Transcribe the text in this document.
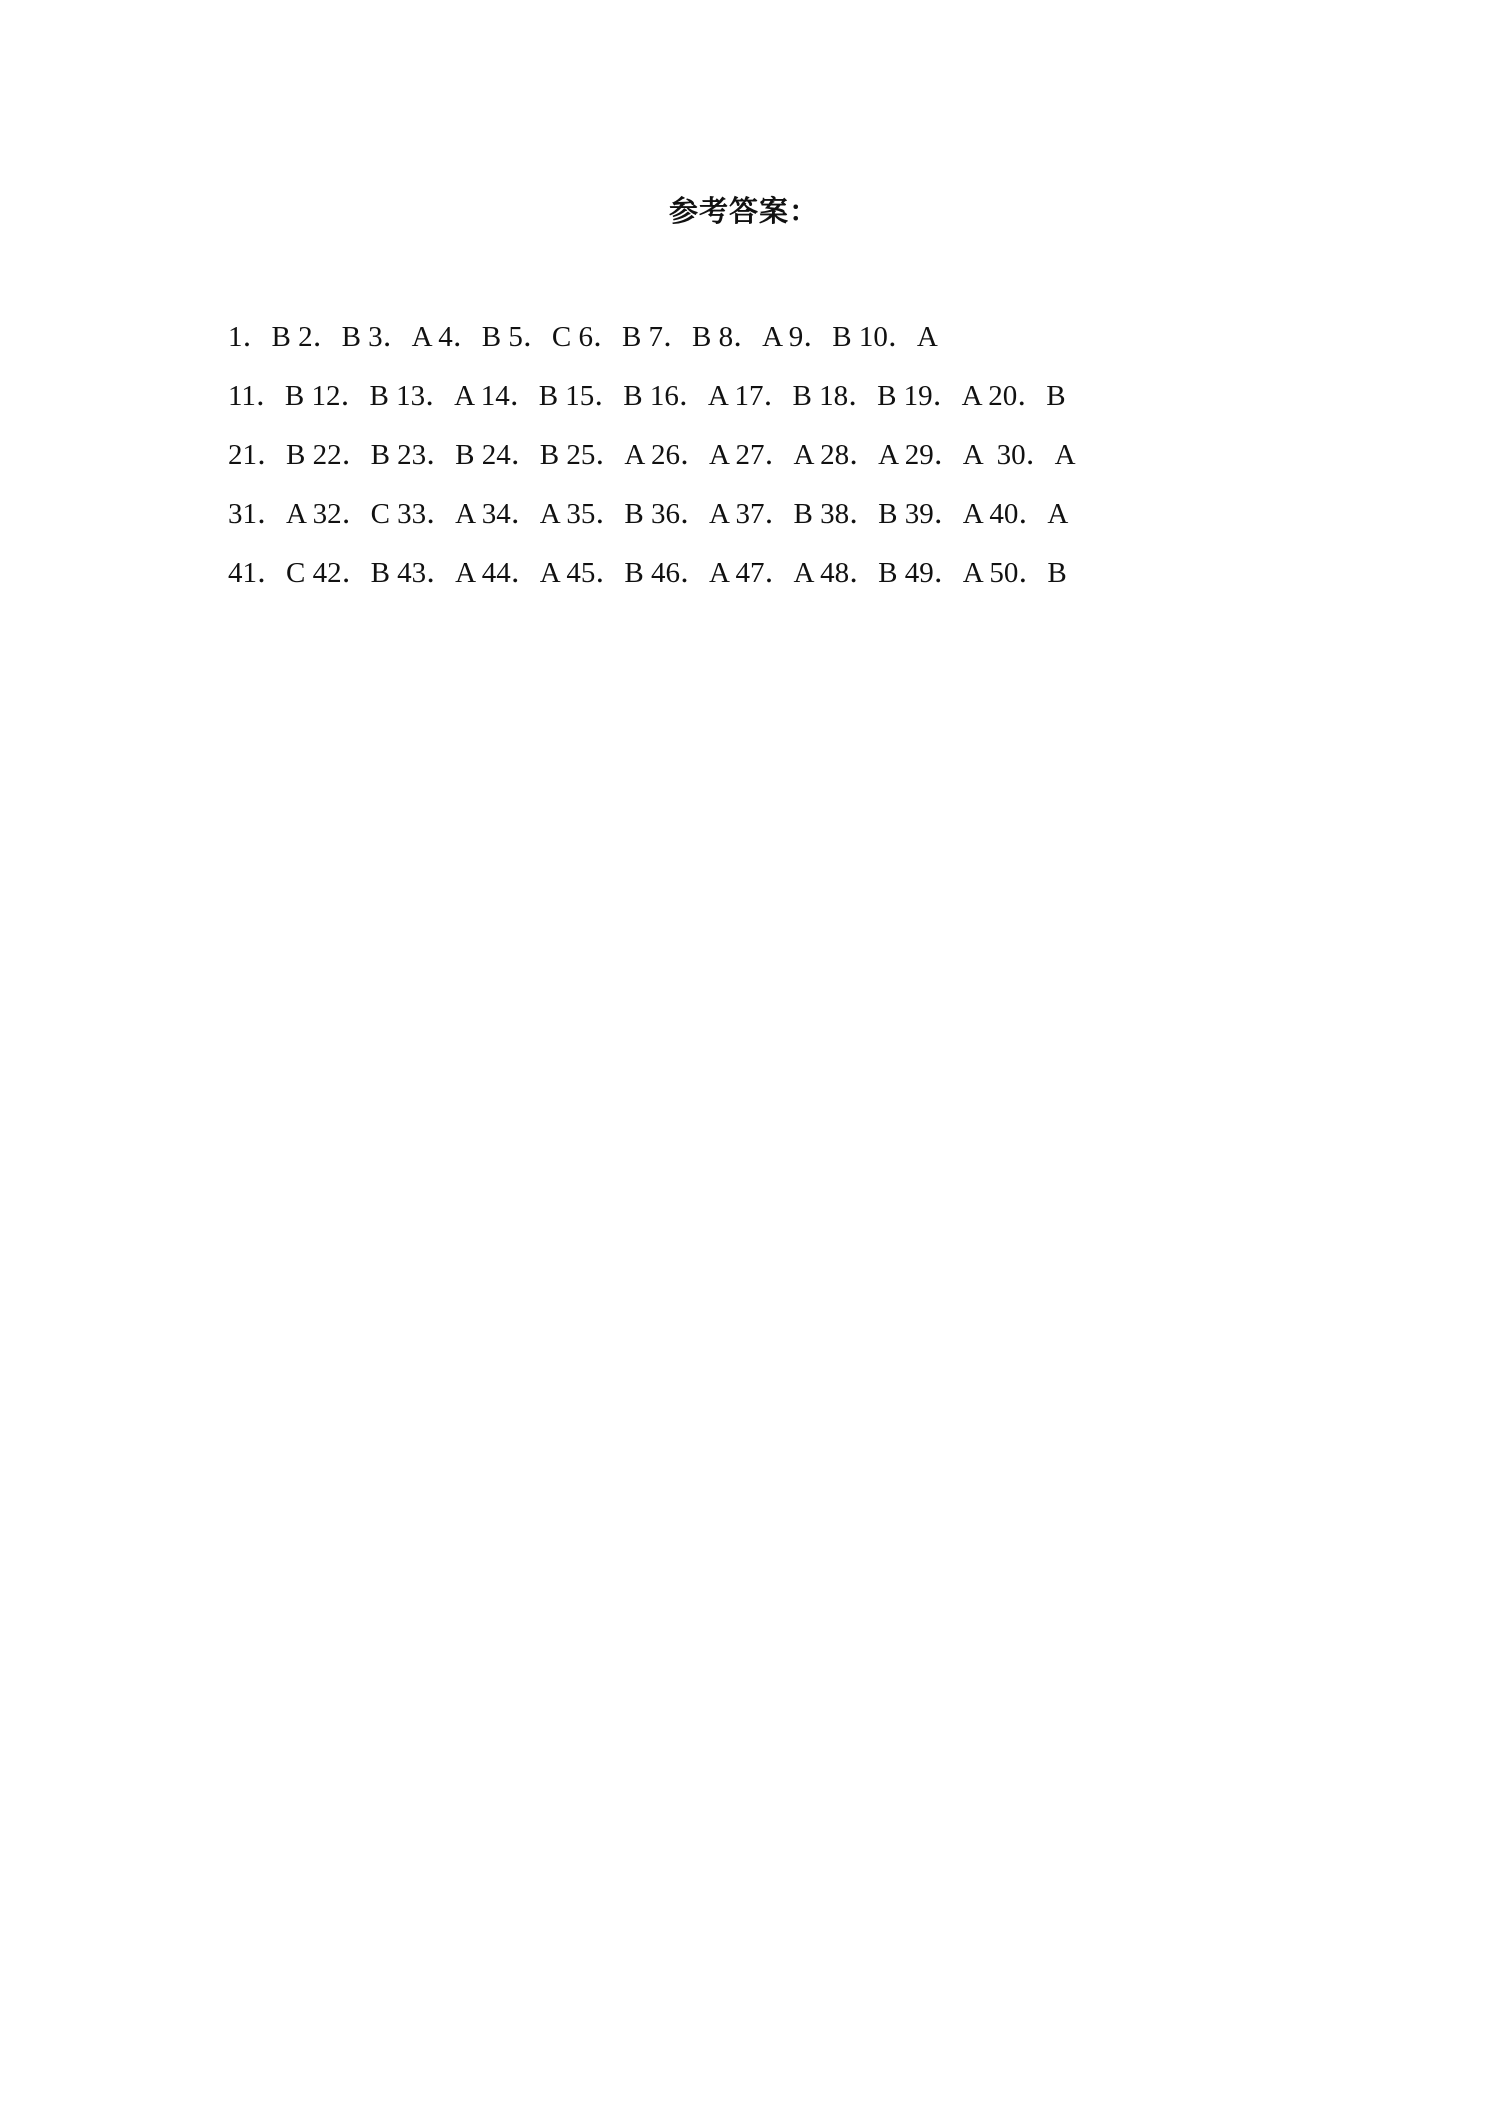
参考答案：

1．B 2．B 3．A 4．B 5．C 6．B 7．B 8．A 9．B 10．A

11．B 12．B 13．A 14．B 15．B 16．A 17．B 18．B 19．A 20．B

21．B 22．B 23．B 24．B 25．A 26．A 27．A 28．A 29．A  30．A

31．A 32．C 33．A 34．A 35．B 36．A 37．B 38．B 39．A 40．A

41．C 42．B 43．A 44．A 45．B 46．A 47．A 48．B 49．A 50．B
